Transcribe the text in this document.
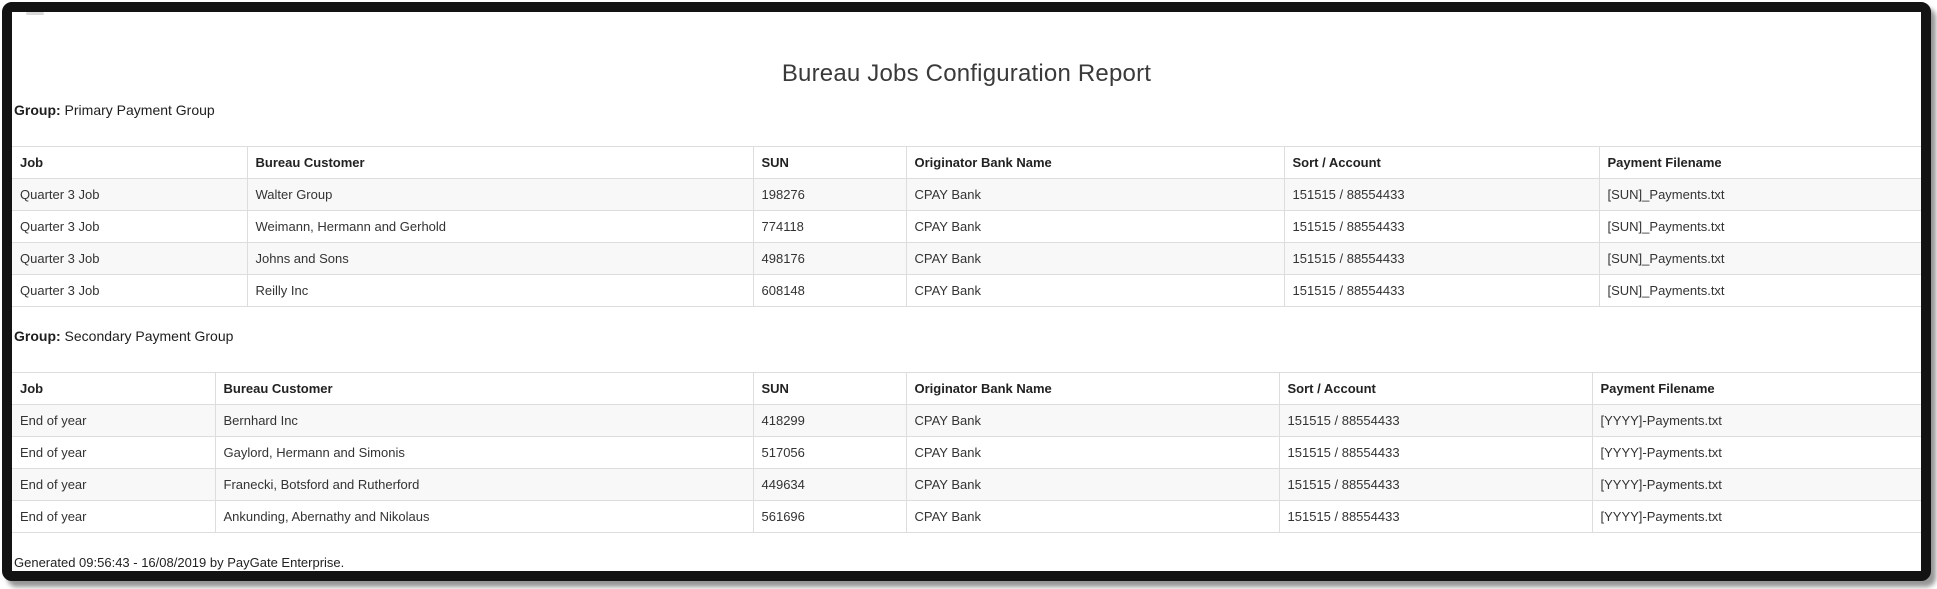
Bureau Jobs Configuration Report
Group: Primary Payment Group
Job	Bureau Customer	SUN	Originator Bank Name	Sort / Account	Payment Filename
Quarter 3 Job	Walter Group	198276	CPAY Bank	151515 / 88554433	[SUN]_Payments.txt
Quarter 3 Job	Weimann, Hermann and Gerhold	774118	CPAY Bank	151515 / 88554433	[SUN]_Payments.txt
Quarter 3 Job	Johns and Sons	498176	CPAY Bank	151515 / 88554433	[SUN]_Payments.txt
Quarter 3 Job	Reilly Inc	608148	CPAY Bank	151515 / 88554433	[SUN]_Payments.txt
Group: Secondary Payment Group
Job	Bureau Customer	SUN	Originator Bank Name	Sort / Account	Payment Filename
End of year	Bernhard Inc	418299	CPAY Bank	151515 / 88554433	[YYYY]-Payments.txt
End of year	Gaylord, Hermann and Simonis	517056	CPAY Bank	151515 / 88554433	[YYYY]-Payments.txt
End of year	Franecki, Botsford and Rutherford	449634	CPAY Bank	151515 / 88554433	[YYYY]-Payments.txt
End of year	Ankunding, Abernathy and Nikolaus	561696	CPAY Bank	151515 / 88554433	[YYYY]-Payments.txt
Generated 09:56:43 - 16/08/2019 by PayGate Enterprise.
